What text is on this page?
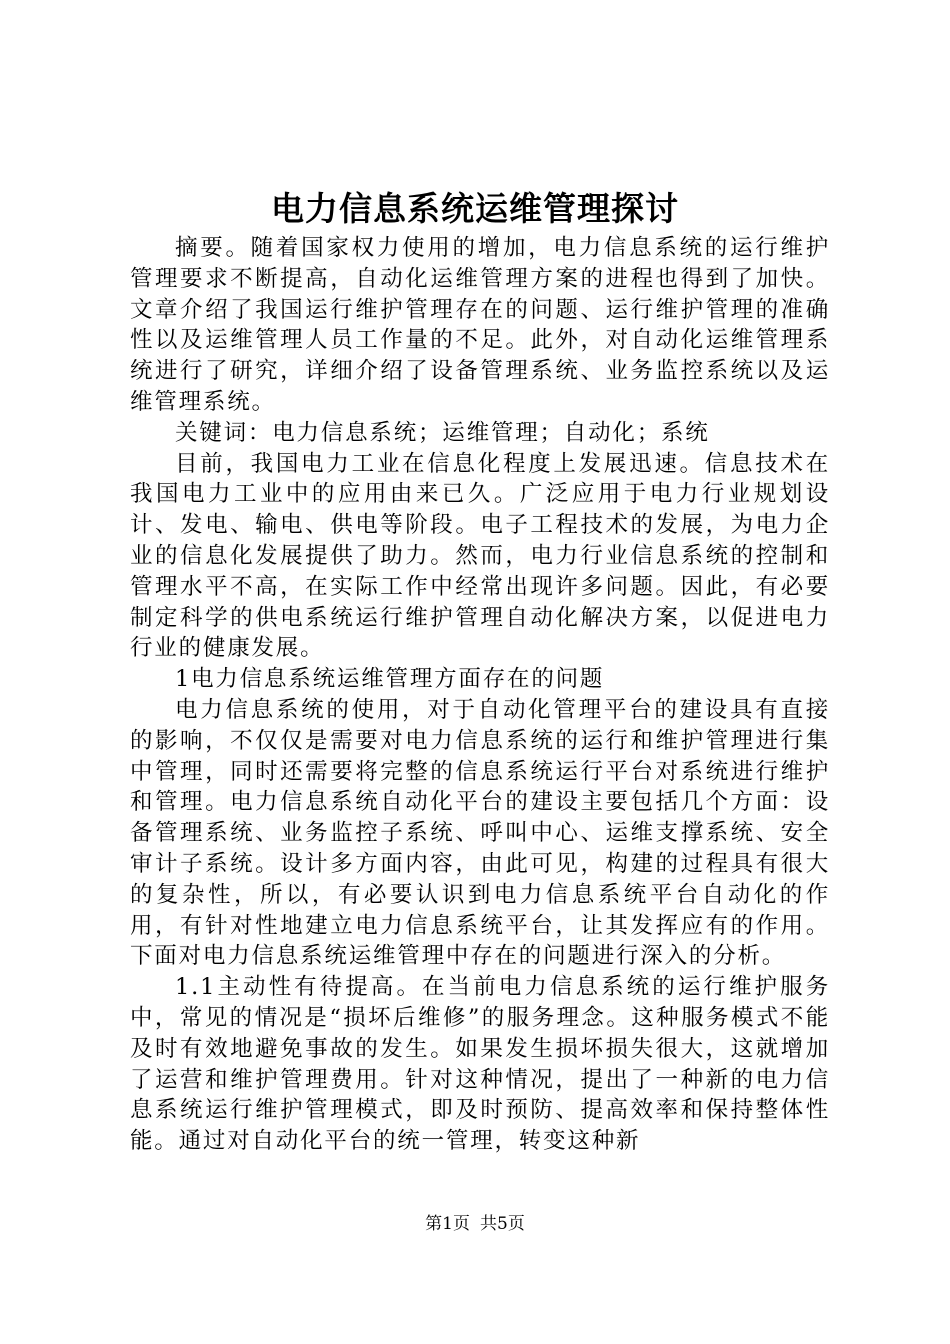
电力信息系统运维管理探讨

摘要。随着国家权力使用的增加，电力信息系统的运行维护管理要求不断提高，自动化运维管理方案的进程也得到了加快。文章介绍了我国运行维护管理存在的问题、运行维护管理的准确性以及运维管理人员工作量的不足。此外，对自动化运维管理系统进行了研究，详细介绍了设备管理系统、业务监控系统以及运维管理系统。

关键词：电力信息系统；运维管理；自动化；系统

目前，我国电力工业在信息化程度上发展迅速。信息技术在我国电力工业中的应用由来已久。广泛应用于电力行业规划设计、发电、输电、供电等阶段。电子工程技术的发展，为电力企业的信息化发展提供了助力。然而，电力行业信息系统的控制和管理水平不高，在实际工作中经常出现许多问题。因此，有必要制定科学的供电系统运行维护管理自动化解决方案，以促进电力行业的健康发展。

1电力信息系统运维管理方面存在的问题

电力信息系统的使用，对于自动化管理平台的建设具有直接的影响，不仅仅是需要对电力信息系统的运行和维护管理进行集中管理，同时还需要将完整的信息系统运行平台对系统进行维护和管理。电力信息系统自动化平台的建设主要包括几个方面：设备管理系统、业务监控子系统、呼叫中心、运维支撑系统、安全审计子系统。设计多方面内容，由此可见，构建的过程具有很大的复杂性，所以，有必要认识到电力信息系统平台自动化的作用，有针对性地建立电力信息系统平台，让其发挥应有的作用。下面对电力信息系统运维管理中存在的问题进行深入的分析。

1.1主动性有待提高。在当前电力信息系统的运行维护服务中，常见的情况是“损坏后维修”的服务理念。这种服务模式不能及时有效地避免事故的发生。如果发生损坏损失很大，这就增加了运营和维护管理费用。针对这种情况，提出了一种新的电力信息系统运行维护管理模式，即及时预防、提高效率和保持整体性能。通过对自动化平台的统一管理，转变这种新

第1页 共5页
